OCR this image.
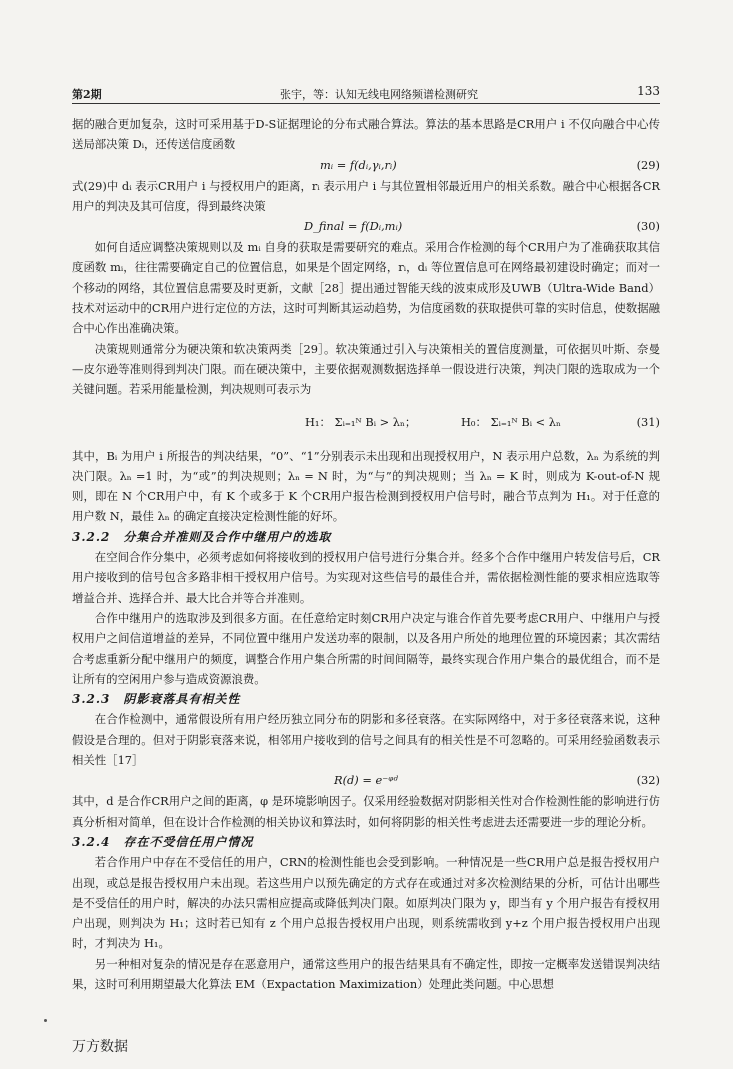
第2期	张宇，等：认知无线电网络频谱检测研究	133

据的融合更加复杂，这时可采用基于D-S证据理论的分布式融合算法。算法的基本思路是CR用户 i 不仅向融合中心传送局部决策 Dᵢ，还传送信度函数

mᵢ = f(dᵢ,γᵢ,rᵢ)	(29)

式(29)中 dᵢ 表示CR用户 i 与授权用户的距离，rᵢ 表示用户 i 与其位置相邻最近用户的相关系数。融合中心根据各CR用户的判决及其可信度，得到最终决策

D_final = f(Dᵢ,mᵢ)	(30)

如何自适应调整决策规则以及 mᵢ 自身的获取是需要研究的难点。采用合作检测的每个CR用户为了准确获取其信度函数 mᵢ，往往需要确定自己的位置信息，如果是个固定网络，rᵢ，dᵢ 等位置信息可在网络最初建设时确定；而对一个移动的网络，其位置信息需要及时更新，文献［28］提出通过智能天线的波束成形及UWB（Ultra-Wide Band）技术对运动中的CR用户进行定位的方法，这时可判断其运动趋势，为信度函数的获取提供可靠的实时信息，使数据融合中心作出准确决策。

决策规则通常分为硬决策和软决策两类［29］。软决策通过引入与决策相关的置信度测量，可依据贝叶斯、奈曼—皮尔逊等准则得到判决门限。而在硬决策中，主要依据观测数据选择单一假设进行决策，判决门限的选取成为一个关键问题。若采用能量检测，判决规则可表示为

H₁： Σᵢ₌₁ᴺ Bᵢ > λₙ；	H₀： Σᵢ₌₁ᴺ Bᵢ < λₙ	(31)

其中，Bᵢ 为用户 i 所报告的判决结果，“0”、“1”分别表示未出现和出现授权用户，N 表示用户总数，λₙ 为系统的判决门限。λₙ =1 时，为“或”的判决规则；λₙ = N 时，为“与”的判决规则；当 λₙ = K 时，则成为 K-out-of-N 规则，即在 N 个CR用户中，有 K 个或多于 K 个CR用户报告检测到授权用户信号时，融合节点判为 H₁。对于任意的用户数 N，最佳 λₙ 的确定直接决定检测性能的好坏。

3.2.2　分集合并准则及合作中继用户的选取

在空间合作分集中，必须考虑如何将接收到的授权用户信号进行分集合并。经多个合作中继用户转发信号后，CR用户接收到的信号包含多路非相干授权用户信号。为实现对这些信号的最佳合并，需依据检测性能的要求相应选取等增益合并、选择合并、最大比合并等合并准则。

合作中继用户的选取涉及到很多方面。在任意给定时刻CR用户决定与谁合作首先要考虑CR用户、中继用户与授权用户之间信道增益的差异，不同位置中继用户发送功率的限制，以及各用户所处的地理位置的环境因素；其次需结合考虑重新分配中继用户的频度，调整合作用户集合所需的时间间隔等，最终实现合作用户集合的最优组合，而不是让所有的空闲用户参与造成资源浪费。

3.2.3　阴影衰落具有相关性

在合作检测中，通常假设所有用户经历独立同分布的阴影和多径衰落。在实际网络中，对于多径衰落来说，这种假设是合理的。但对于阴影衰落来说，相邻用户接收到的信号之间具有的相关性是不可忽略的。可采用经验函数表示相关性［17］

R(d) = e⁻ᵠᵈ	(32)

其中，d 是合作CR用户之间的距离，φ 是环境影响因子。仅采用经验数据对阴影相关性对合作检测性能的影响进行仿真分析相对简单，但在设计合作检测的相关协议和算法时，如何将阴影的相关性考虑进去还需要进一步的理论分析。

3.2.4　存在不受信任用户情况

若合作用户中存在不受信任的用户，CRN的检测性能也会受到影响。一种情况是一些CR用户总是报告授权用户出现，或总是报告授权用户未出现。若这些用户以预先确定的方式存在或通过对多次检测结果的分析，可估计出哪些是不受信任的用户时，解决的办法只需相应提高或降低判决门限。如原判决门限为 y，即当有 y 个用户报告有授权用户出现，则判决为 H₁；这时若已知有 z 个用户总报告授权用户出现，则系统需收到 y+z 个用户报告授权用户出现时，才判决为 H₁。

另一种相对复杂的情况是存在恶意用户，通常这些用户的报告结果具有不确定性，即按一定概率发送错误判决结果，这时可利用期望最大化算法 EM（Expactation Maximization）处理此类问题。中心思想

万方数据
